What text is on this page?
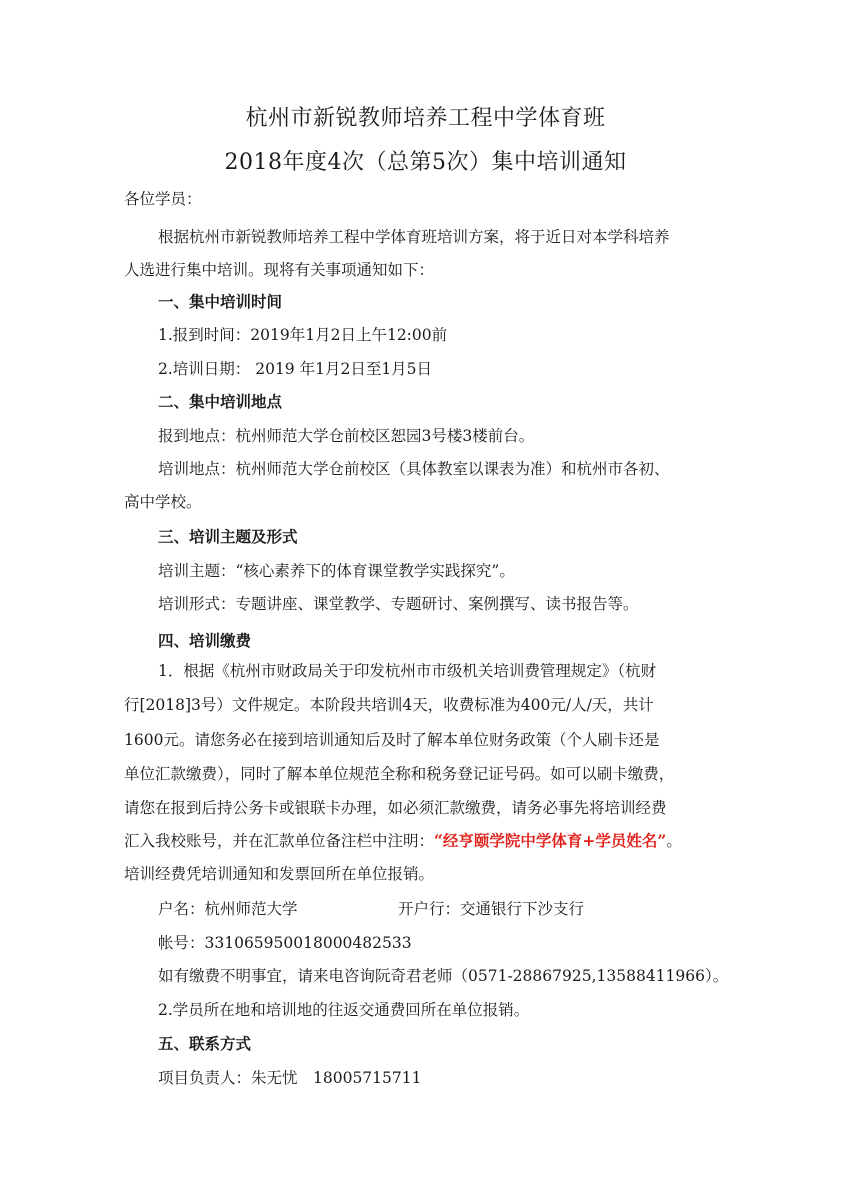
杭州市新锐教师培养工程中学体育班
2018年度4次（总第5次）集中培训通知
各位学员：
根据杭州市新锐教师培养工程中学体育班培训方案，将于近日对本学科培养
人选进行集中培训。现将有关事项通知如下：
一、集中培训时间
1.报到时间：2019年1月2日上午12:00前
2.培训日期： 2019 年1月2日至1月5日
二、集中培训地点
报到地点：杭州师范大学仓前校区恕园3号楼3楼前台。
培训地点：杭州师范大学仓前校区（具体教室以课表为准）和杭州市各初、
高中学校。
三、培训主题及形式
培训主题：“核心素养下的体育课堂教学实践探究”。
培训形式：专题讲座、课堂教学、专题研讨、案例撰写、读书报告等。
四、培训缴费
1．根据《杭州市财政局关于印发杭州市市级机关培训费管理规定》（杭财
行[2018]3号）文件规定。本阶段共培训4天，收费标准为400元/人/天，共计
1600元。请您务必在接到培训通知后及时了解本单位财务政策（个人刷卡还是
单位汇款缴费），同时了解本单位规范全称和税务登记证号码。如可以刷卡缴费，
请您在报到后持公务卡或银联卡办理，如必须汇款缴费，请务必事先将培训经费
汇入我校账号，并在汇款单位备注栏中注明：“经亨颐学院中学体育+学员姓名”。
培训经费凭培训通知和发票回所在单位报销。
户名：杭州师范大学	开户行：交通银行下沙支行
帐号：331065950018000482533
如有缴费不明事宜，请来电咨询阮奇君老师（0571-28867925,13588411966）。
2.学员所在地和培训地的往返交通费回所在单位报销。
五、联系方式
项目负责人：朱无忧　18005715711
